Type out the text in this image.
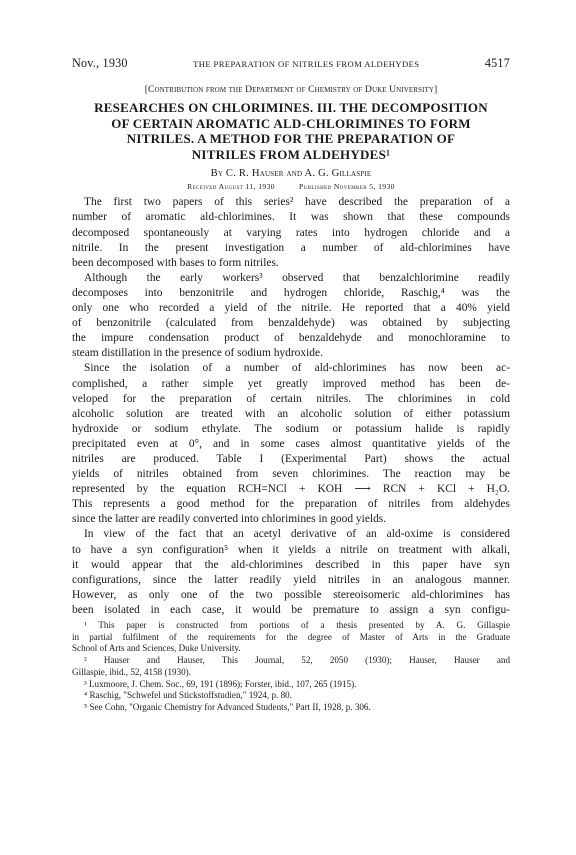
Nov., 1930	THE PREPARATION OF NITRILES FROM ALDEHYDES	4517
[Contribution from the Department of Chemistry of Duke University]
RESEARCHES ON CHLORIMINES. III. THE DECOMPOSITION
OF CERTAIN AROMATIC ALD-CHLORIMINES TO FORM
NITRILES. A METHOD FOR THE PREPARATION OF
NITRILES FROM ALDEHYDES¹
By C. R. Hauser and A. G. Gillaspie
Received August 11, 1930	Published November 5, 1930

The first two papers of this series² have described the preparation of a
number of aromatic ald-chlorimines. It was shown that these compounds
decomposed spontaneously at varying rates into hydrogen chloride and a
nitrile. In the present investigation a number of ald-chlorimines have
been decomposed with bases to form nitriles.

Although the early workers³ observed that benzalchlorimine readily
decomposes into benzonitrile and hydrogen chloride, Raschig,⁴ was the
only one who recorded a yield of the nitrile. He reported that a 40% yield
of benzonitrile (calculated from benzaldehyde) was obtained by subjecting
the impure condensation product of benzaldehyde and monochloramine to
steam distillation in the presence of sodium hydroxide.

Since the isolation of a number of ald-chlorimines has now been ac-
complished, a rather simple yet greatly improved method has been de-
veloped for the preparation of certain nitriles. The chlorimines in cold
alcoholic solution are treated with an alcoholic solution of either potassium
hydroxide or sodium ethylate. The sodium or potassium halide is rapidly
precipitated even at 0°, and in some cases almost quantitative yields of the
nitriles are produced. Table I (Experimental Part) shows the actual
yields of nitriles obtained from seven chlorimines. The reaction may be
represented by the equation RCH=NCl + KOH ⟶ RCN + KCl + H₂O.
This represents a good method for the preparation of nitriles from aldehydes
since the latter are readily converted into chlorimines in good yields.

In view of the fact that an acetyl derivative of an ald-oxime is considered
to have a syn configuration⁵ when it yields a nitrile on treatment with alkali,
it would appear that the ald-chlorimines described in this paper have syn
configurations, since the latter readily yield nitriles in an analogous manner.
However, as only one of the two possible stereoisomeric ald-chlorimines has
been isolated in each case, it would be premature to assign a syn configu-

¹ This paper is constructed from portions of a thesis presented by A. G. Gillaspie
in partial fulfilment of the requirements for the degree of Master of Arts in the Graduate
School of Arts and Sciences, Duke University.

² Hauser and Hauser, This Journal, 52, 2050 (1930); Hauser, Hauser and
Gillaspie, ibid., 52, 4158 (1930).

³ Luxmoore, J. Chem. Soc., 69, 191 (1896); Forster, ibid., 107, 265 (1915).

⁴ Raschig, "Schwefel und Stickstoffstudien," 1924, p. 80.

⁵ See Cohn, "Organic Chemistry for Advanced Students," Part II, 1928, p. 306.
